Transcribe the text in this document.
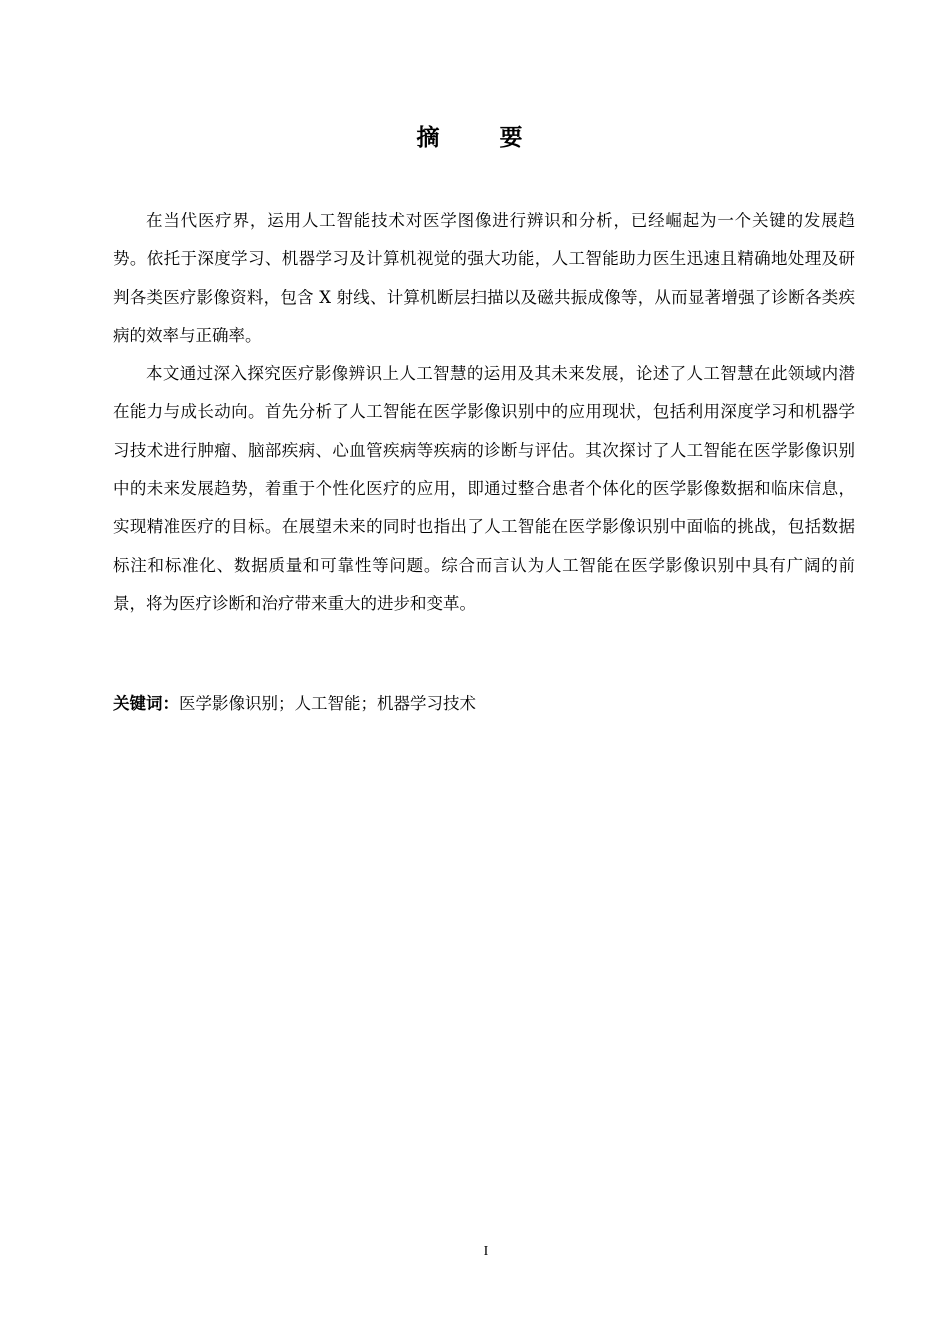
摘 要

在当代医疗界，运用人工智能技术对医学图像进行辨识和分析，已经崛起为一个关键的发展趋势。依托于深度学习、机器学习及计算机视觉的强大功能，人工智能助力医生迅速且精确地处理及研判各类医疗影像资料，包含 X 射线、计算机断层扫描以及磁共振成像等，从而显著增强了诊断各类疾病的效率与正确率。

本文通过深入探究医疗影像辨识上人工智慧的运用及其未来发展，论述了人工智慧在此领域内潜在能力与成长动向。首先分析了人工智能在医学影像识别中的应用现状，包括利用深度学习和机器学习技术进行肿瘤、脑部疾病、心血管疾病等疾病的诊断与评估。其次探讨了人工智能在医学影像识别中的未来发展趋势，着重于个性化医疗的应用，即通过整合患者个体化的医学影像数据和临床信息，实现精准医疗的目标。在展望未来的同时也指出了人工智能在医学影像识别中面临的挑战，包括数据标注和标准化、数据质量和可靠性等问题。综合而言认为人工智能在医学影像识别中具有广阔的前景，将为医疗诊断和治疗带来重大的进步和变革。

关键词：医学影像识别；人工智能；机器学习技术

I
